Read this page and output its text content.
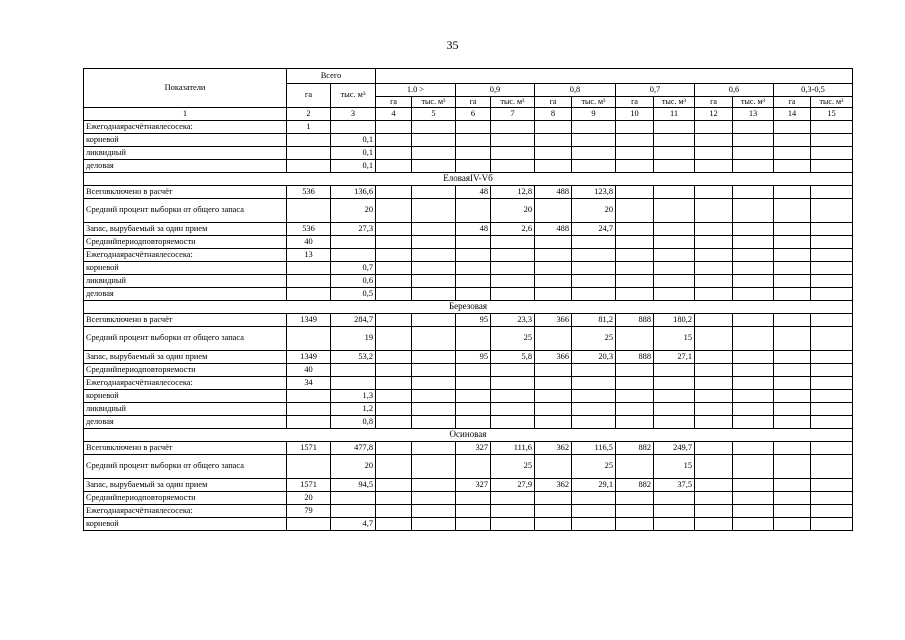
35
Показатели	Всего													
	га	тыс. м³	1.0 >		0,9		0,8		0,7		0,6		0,3-0,5	
			га	тыс. м³	га	тыс. м³	га	тыс. м³	га	тыс. м³	га	тыс. м³	га	тыс. м³
1	2	3	4	5	6	7	8	9	10	11	12	13	14	15
Ежегоднаярасчётнаялесосека:	1													
корневой		0,1												
ликвидный		0,1												
деловая		0,1												
ЕловаяIV-Vб														
Всеговключено в расчёт	536	136,6			48	12,8	488	123,8						
Средний процент выборки от общего запаса		20				20		20						
Запас, вырубаемый за один прием	536	27,3			48	2,6	488	24,7						
Среднийпериодповторяемости	40													
Ежегоднаярасчётнаялесосека:	13													
корневой		0,7												
ликвидный		0,6												
деловая		0,5												
Березовая														
Всеговключено в расчёт	1349	284,7			95	23,3	366	81,2	888	180,2				
Средний процент выборки от общего запаса		19				25		25		15				
Запас, вырубаемый за один прием	1349	53,2			95	5,8	366	20,3	888	27,1				
Среднийпериодповторяемости	40													
Ежегоднаярасчётнаялесосека:	34													
корневой		1,3												
ликвидный		1,2												
деловая		0,8												
Осиновая														
Всеговключено в расчёт	1571	477,8			327	111,6	362	116,5	882	249,7				
Средний процент выборки от общего запаса		20				25		25		15				
Запас, вырубаемый за один прием	1571	94,5			327	27,9	362	29,1	882	37,5				
Среднийпериодповторяемости	20													
Ежегоднаярасчётнаялесосека:	79													
корневой		4,7												
